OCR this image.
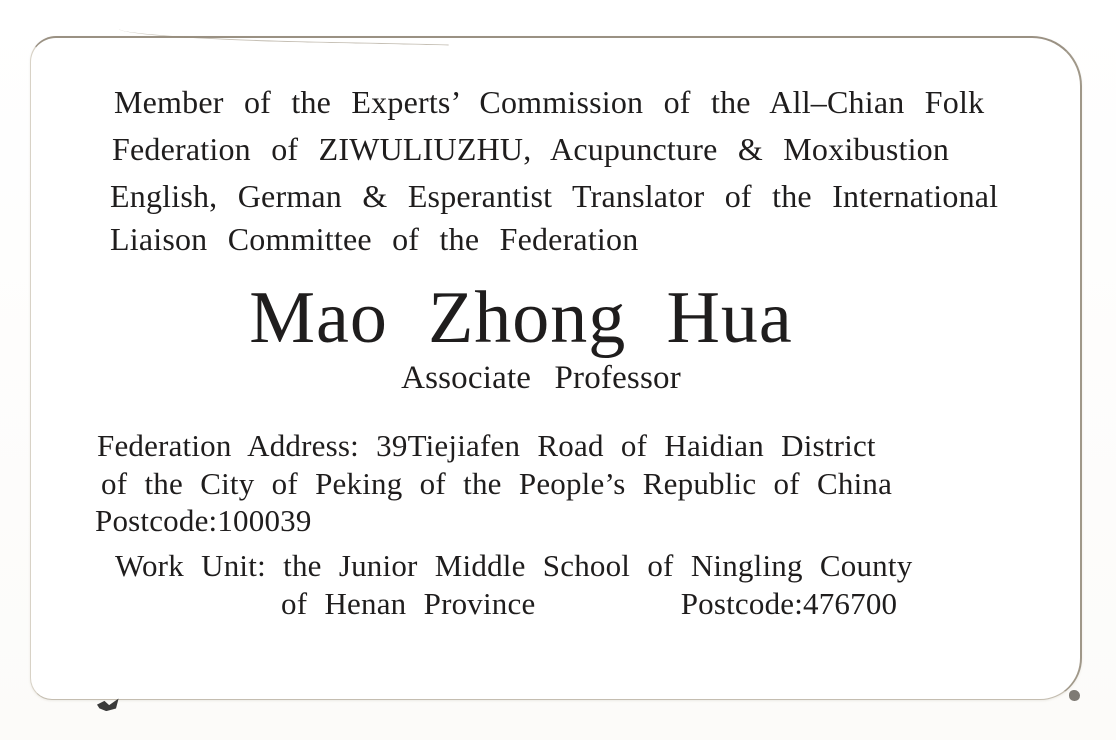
Member of the Experts’ Commission of the All–Chian Folk
Federation of ZIWULIUZHU, Acupuncture & Moxibustion
English, German & Esperantist Translator of the International
Liaison Committee of the Federation
Mao Zhong Hua
Associate Professor
Federation Address: 39Tiejiafen Road of Haidian District
of the City of Peking of the People’s Republic of China
Postcode:100039
Work Unit: the Junior Middle School of Ningling County
of Henan Province	Postcode:476700
